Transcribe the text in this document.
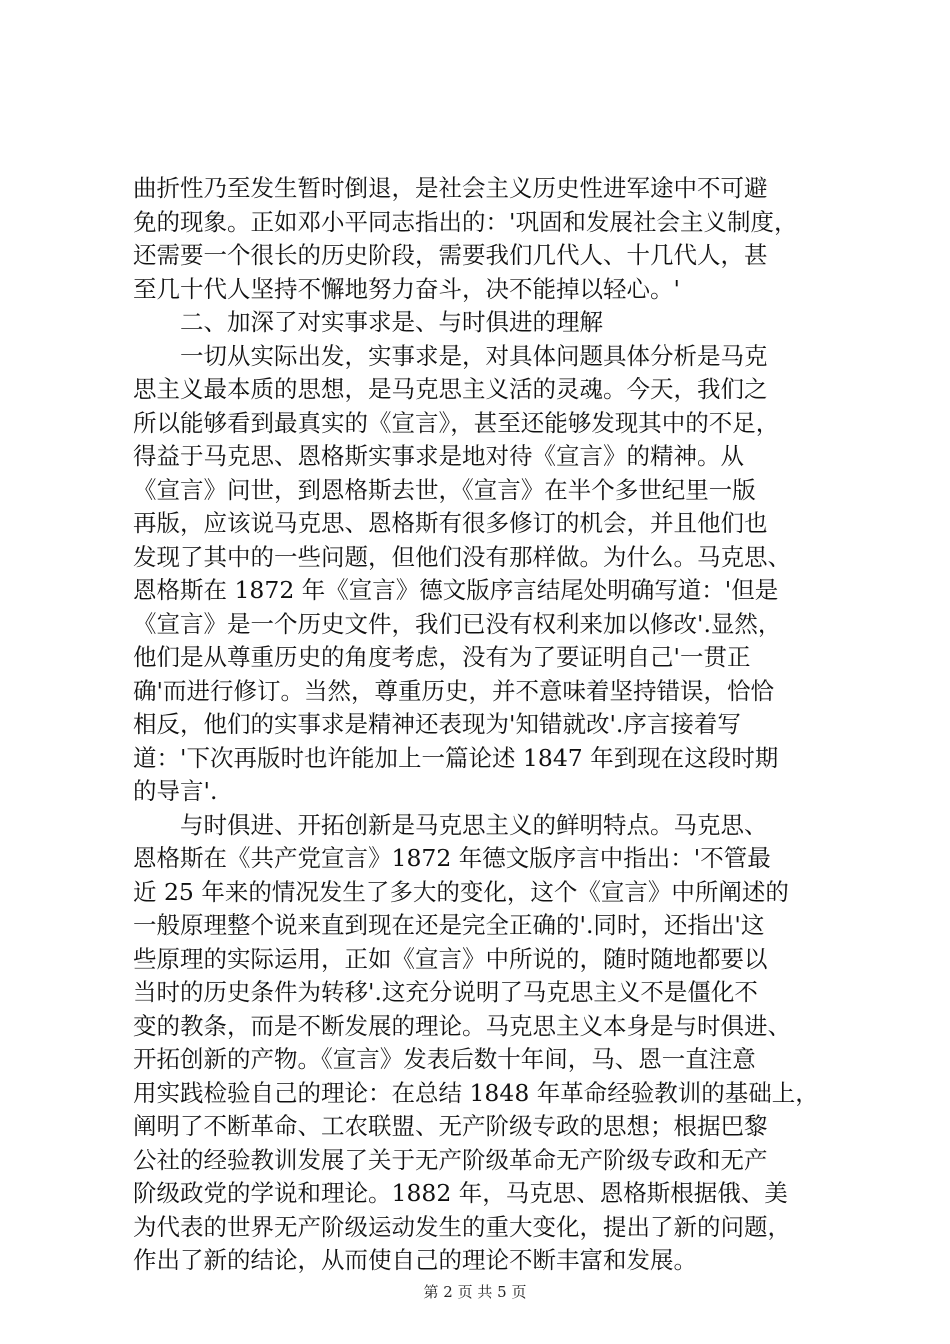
曲折性乃至发生暂时倒退，是社会主义历史性进军途中不可避
免的现象。正如邓小平同志指出的：'巩固和发展社会主义制度，
还需要一个很长的历史阶段，需要我们几代人、十几代人，甚
至几十代人坚持不懈地努力奋斗，决不能掉以轻心。'
　　二、加深了对实事求是、与时俱进的理解
　　一切从实际出发，实事求是，对具体问题具体分析是马克
思主义最本质的思想，是马克思主义活的灵魂。今天，我们之
所以能够看到最真实的《宣言》，甚至还能够发现其中的不足，
得益于马克思、恩格斯实事求是地对待《宣言》的精神。从
《宣言》问世，到恩格斯去世，《宣言》在半个多世纪里一版
再版，应该说马克思、恩格斯有很多修订的机会，并且他们也
发现了其中的一些问题，但他们没有那样做。为什么。马克思、
恩格斯在 1872 年《宣言》德文版序言结尾处明确写道：'但是
《宣言》是一个历史文件，我们已没有权利来加以修改'.显然，
他们是从尊重历史的角度考虑，没有为了要证明自己'一贯正
确'而进行修订。当然，尊重历史，并不意味着坚持错误，恰恰
相反，他们的实事求是精神还表现为'知错就改'.序言接着写
道：'下次再版时也许能加上一篇论述 1847 年到现在这段时期
的导言'.
　　与时俱进、开拓创新是马克思主义的鲜明特点。马克思、
恩格斯在《共产党宣言》1872 年德文版序言中指出：'不管最
近 25 年来的情况发生了多大的变化，这个《宣言》中所阐述的
一般原理整个说来直到现在还是完全正确的'.同时，还指出'这
些原理的实际运用，正如《宣言》中所说的，随时随地都要以
当时的历史条件为转移'.这充分说明了马克思主义不是僵化不
变的教条，而是不断发展的理论。马克思主义本身是与时俱进、
开拓创新的产物。《宣言》发表后数十年间，马、恩一直注意
用实践检验自己的理论：在总结 1848 年革命经验教训的基础上，
阐明了不断革命、工农联盟、无产阶级专政的思想；根据巴黎
公社的经验教训发展了关于无产阶级革命无产阶级专政和无产
阶级政党的学说和理论。1882 年，马克思、恩格斯根据俄、美
为代表的世界无产阶级运动发生的重大变化，提出了新的问题，
作出了新的结论，从而使自己的理论不断丰富和发展。
第 2 页 共 5 页
